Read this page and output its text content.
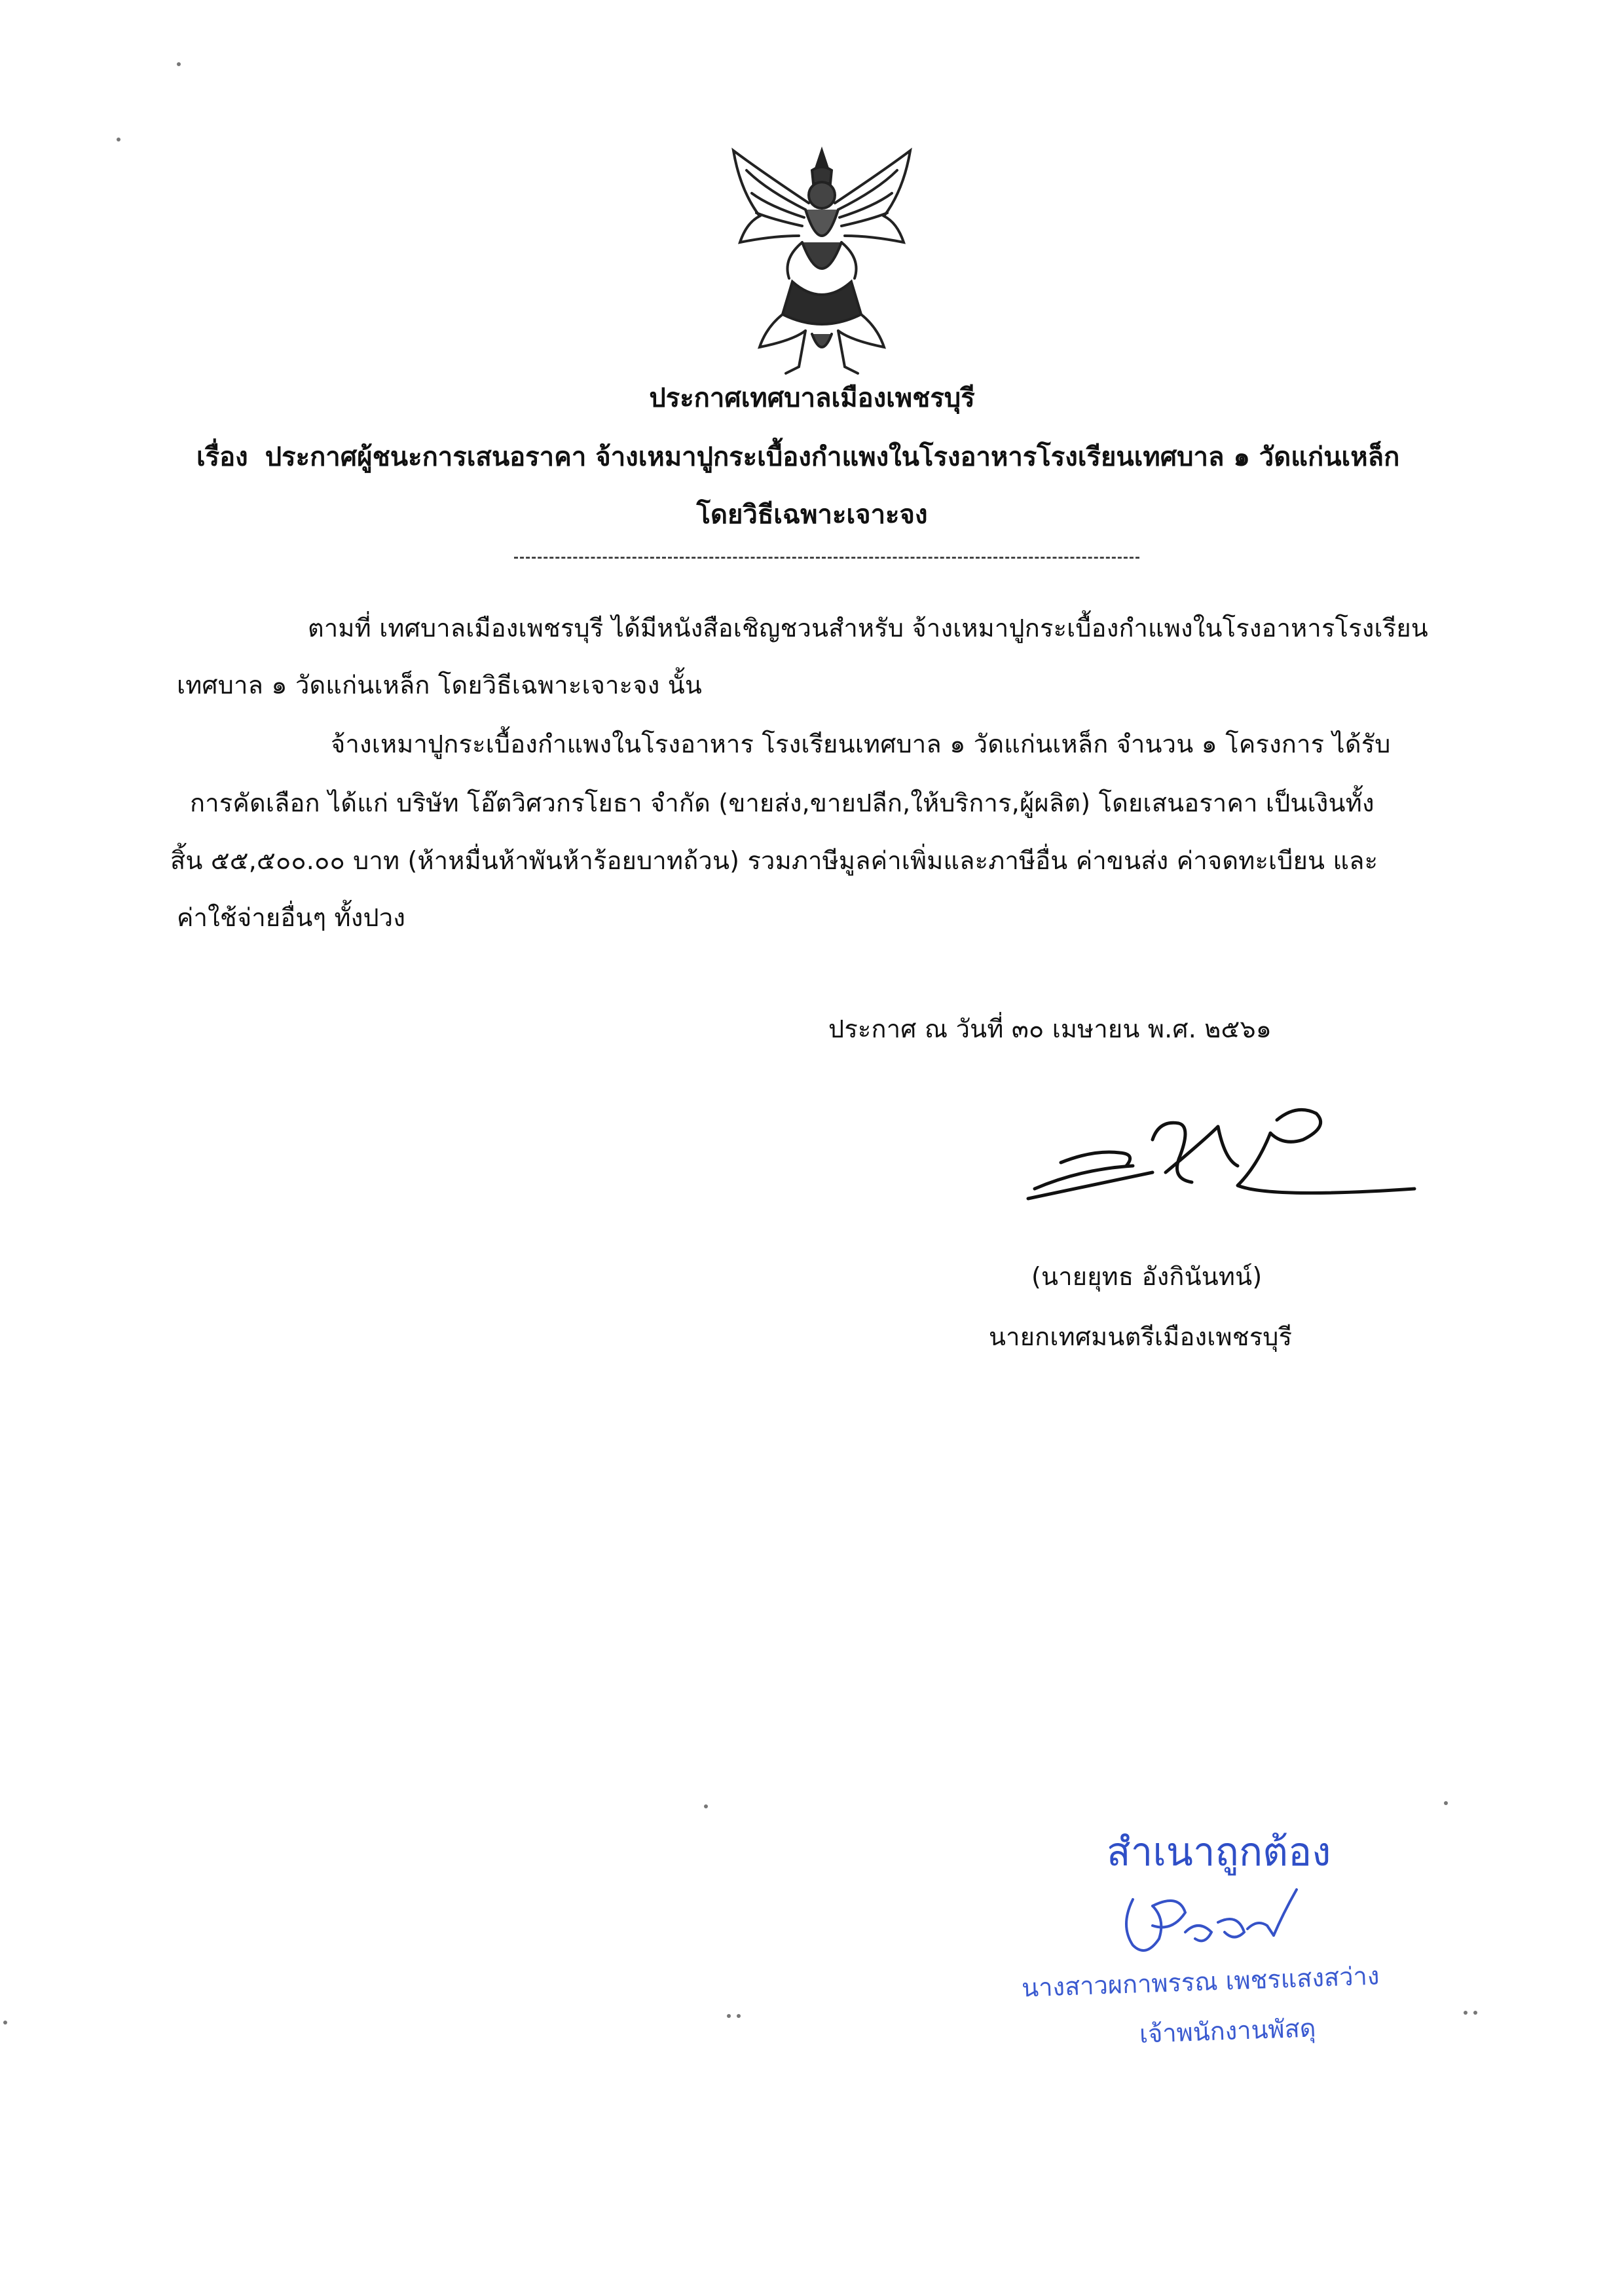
ประกาศเทศบาลเมืองเพชรบุรี
เรื่อง ประกาศผู้ชนะการเสนอราคา จ้างเหมาปูกระเบื้องกำแพงในโรงอาหารโรงเรียนเทศบาล ๑ วัดแก่นเหล็ก
โดยวิธีเฉพาะเจาะจง
ตามที่ เทศบาลเมืองเพชรบุรี ได้มีหนังสือเชิญชวนสำหรับ จ้างเหมาปูกระเบื้องกำแพงในโรงอาหารโรงเรียน
เทศบาล ๑ วัดแก่นเหล็ก โดยวิธีเฉพาะเจาะจง นั้น
จ้างเหมาปูกระเบื้องกำแพงในโรงอาหาร โรงเรียนเทศบาล ๑ วัดแก่นเหล็ก จำนวน ๑ โครงการ ได้รับ
การคัดเลือก ได้แก่ บริษัท โอ๊ตวิศวกรโยธา จำกัด (ขายส่ง,ขายปลีก,ให้บริการ,ผู้ผลิต) โดยเสนอราคา เป็นเงินทั้ง
สิ้น ๕๕,๕๐๐.๐๐ บาท (ห้าหมื่นห้าพันห้าร้อยบาทถ้วน) รวมภาษีมูลค่าเพิ่มและภาษีอื่น ค่าขนส่ง ค่าจดทะเบียน และ
ค่าใช้จ่ายอื่นๆ ทั้งปวง
ประกาศ ณ วันที่ ๓๐ เมษายน พ.ศ. ๒๕๖๑
(นายยุทธ อังกินันทน์)
นายกเทศมนตรีเมืองเพชรบุรี
สำเนาถูกต้อง
นางสาวผกาพรรณ เพชรแสงสว่าง
เจ้าพนักงานพัสดุ
